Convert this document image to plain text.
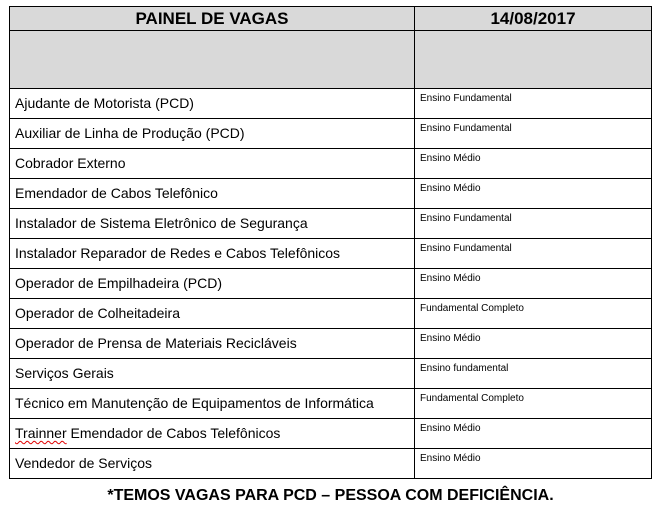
PAINEL DE VAGAS	14/08/2017

Ajudante de Motorista (PCD)	Ensino Fundamental
Auxiliar de Linha de Produção (PCD)	Ensino Fundamental
Cobrador Externo	Ensino Médio
Emendador de Cabos Telefônico	Ensino Médio
Instalador de Sistema Eletrônico de Segurança	Ensino Fundamental
Instalador Reparador de Redes e Cabos Telefônicos	Ensino Fundamental
Operador de Empilhadeira (PCD)	Ensino Médio
Operador de Colheitadeira	Fundamental Completo
Operador de Prensa de Materiais Recicláveis	Ensino Médio
Serviços Gerais	Ensino fundamental
Técnico em Manutenção de Equipamentos de Informática	Fundamental Completo
Trainner Emendador de Cabos Telefônicos	Ensino Médio
Vendedor de Serviços	Ensino Médio
*TEMOS VAGAS PARA PCD – PESSOA COM DEFICIÊNCIA.
